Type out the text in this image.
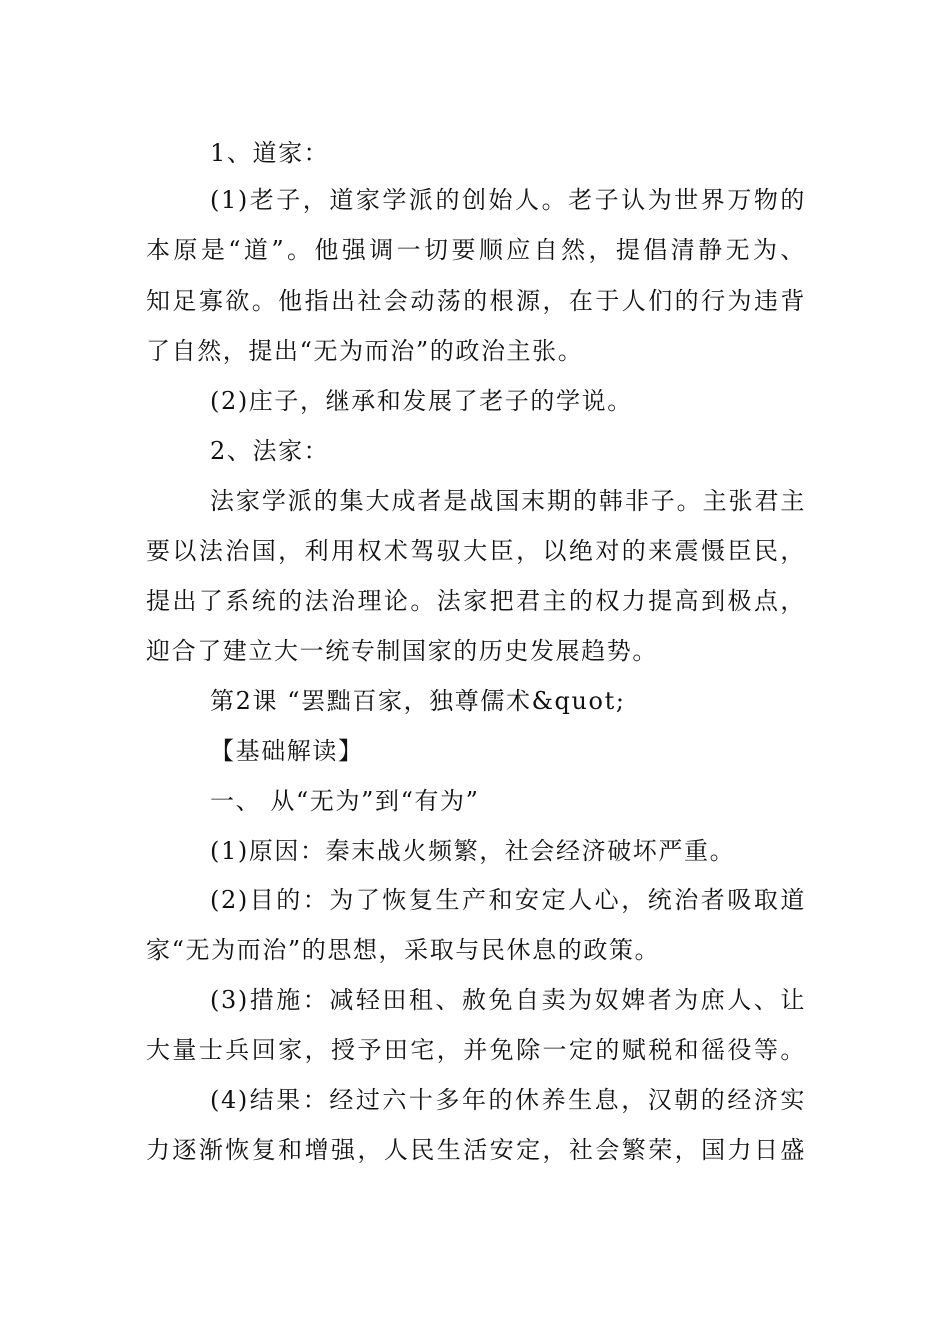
1、道家：
(1)老子，道家学派的创始人。老子认为世界万物的
本原是“道”。他强调一切要顺应自然，提倡清静无为、
知足寡欲。他指出社会动荡的根源，在于人们的行为违背
了自然，提出“无为而治”的政治主张。
(2)庄子，继承和发展了老子的学说。
2、法家：
法家学派的集大成者是战国末期的韩非子。主张君主
要以法治国，利用权术驾驭大臣，以绝对的来震慑臣民，
提出了系统的法治理论。法家把君主的权力提高到极点，
迎合了建立大一统专制国家的历史发展趋势。
第2课 “罢黜百家，独尊儒术&quot;
【基础解读】
一、 从“无为”到“有为”
(1)原因：秦末战火频繁，社会经济破坏严重。
(2)目的：为了恢复生产和安定人心，统治者吸取道
家“无为而治”的思想，采取与民休息的政策。
(3)措施：减轻田租、赦免自卖为奴婢者为庶人、让
大量士兵回家，授予田宅，并免除一定的赋税和徭役等。
(4)结果：经过六十多年的休养生息，汉朝的经济实
力逐渐恢复和增强，人民生活安定，社会繁荣，国力日盛
